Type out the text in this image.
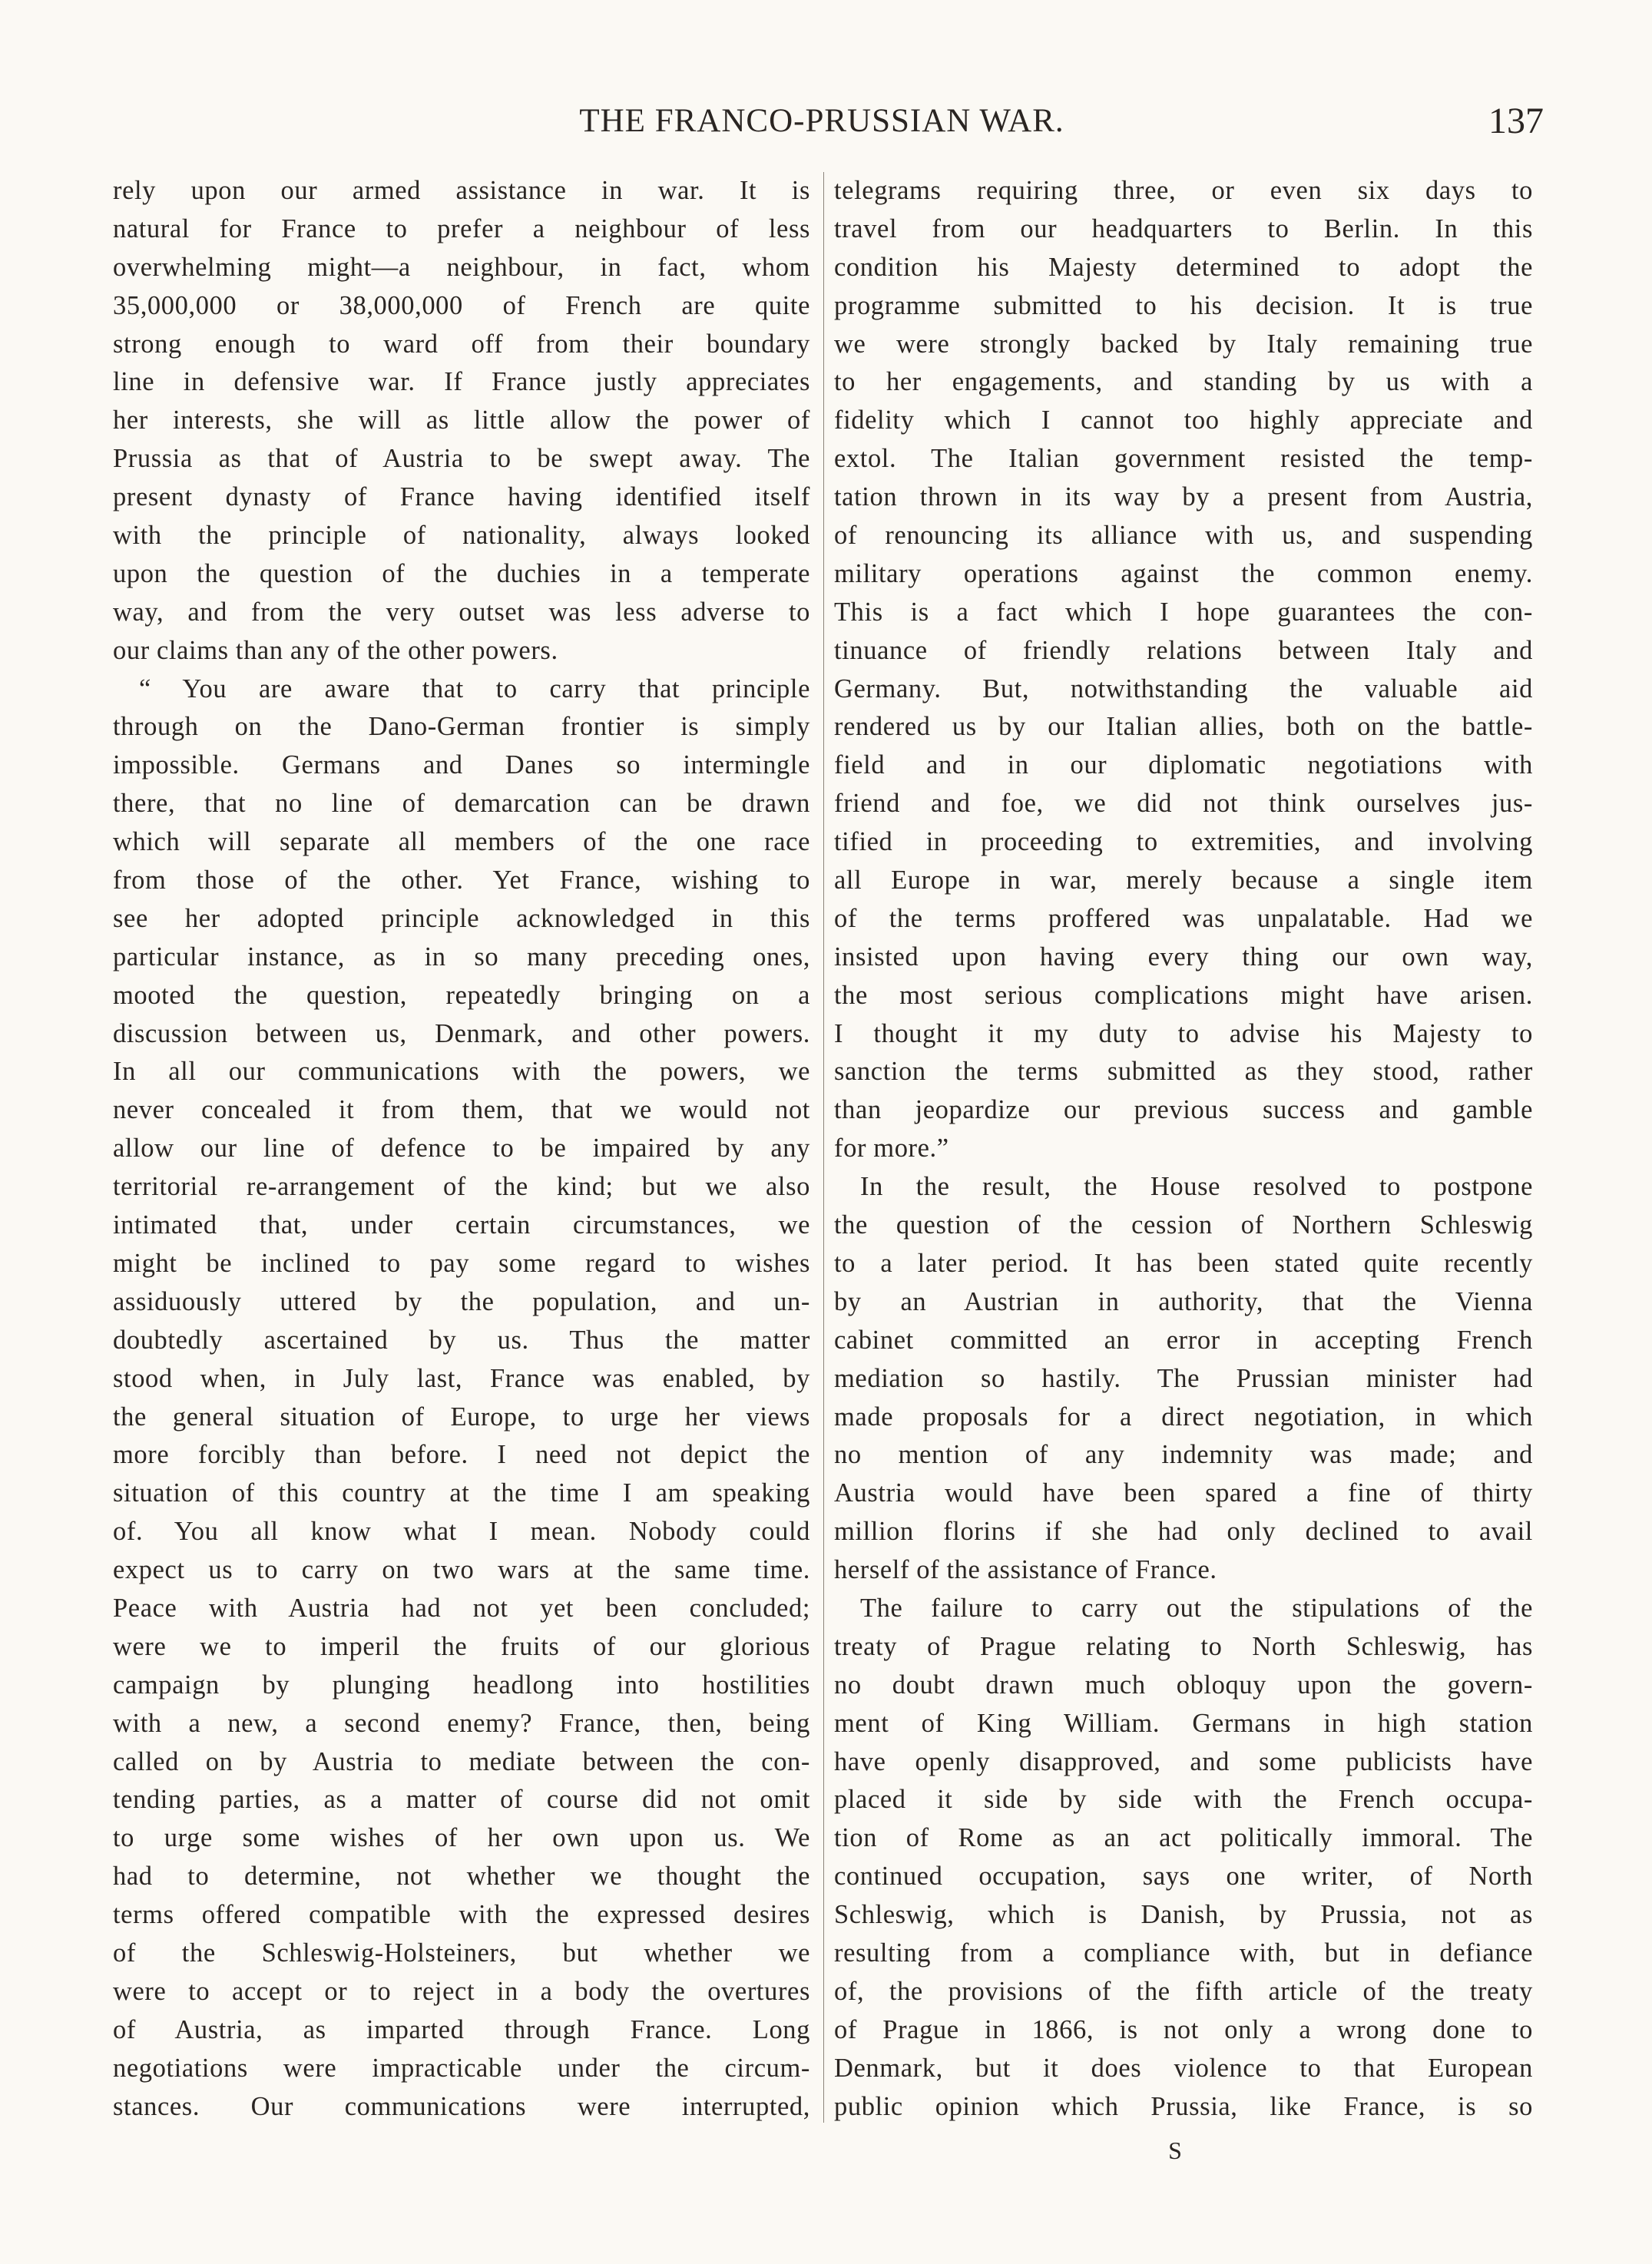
THE FRANCO-PRUSSIAN WAR.	137

rely upon our armed assistance in war. It is
natural for France to prefer a neighbour of less
overwhelming might—a neighbour, in fact, whom
35,000,000 or 38,000,000 of French are quite
strong enough to ward off from their boundary
line in defensive war. If France justly appreciates
her interests, she will as little allow the power of
Prussia as that of Austria to be swept away. The
present dynasty of France having identified itself
with the principle of nationality, always looked
upon the question of the duchies in a temperate
way, and from the very outset was less adverse to
our claims than any of the other powers.

“ You are aware that to carry that principle
through on the Dano-German frontier is simply
impossible. Germans and Danes so intermingle
there, that no line of demarcation can be drawn
which will separate all members of the one race
from those of the other. Yet France, wishing to
see her adopted principle acknowledged in this
particular instance, as in so many preceding ones,
mooted the question, repeatedly bringing on a
discussion between us, Denmark, and other powers.
In all our communications with the powers, we
never concealed it from them, that we would not
allow our line of defence to be impaired by any
territorial re-arrangement of the kind; but we also
intimated that, under certain circumstances, we
might be inclined to pay some regard to wishes
assiduously uttered by the population, and un-
doubtedly ascertained by us. Thus the matter
stood when, in July last, France was enabled, by
the general situation of Europe, to urge her views
more forcibly than before. I need not depict the
situation of this country at the time I am speaking
of. You all know what I mean. Nobody could
expect us to carry on two wars at the same time.
Peace with Austria had not yet been concluded;
were we to imperil the fruits of our glorious
campaign by plunging headlong into hostilities
with a new, a second enemy? France, then, being
called on by Austria to mediate between the con-
tending parties, as a matter of course did not omit
to urge some wishes of her own upon us. We
had to determine, not whether we thought the
terms offered compatible with the expressed desires
of the Schleswig-Holsteiners, but whether we
were to accept or to reject in a body the overtures
of Austria, as imparted through France. Long
negotiations were impracticable under the circum-
stances. Our communications were interrupted,

telegrams requiring three, or even six days to
travel from our headquarters to Berlin. In this
condition his Majesty determined to adopt the
programme submitted to his decision. It is true
we were strongly backed by Italy remaining true
to her engagements, and standing by us with a
fidelity which I cannot too highly appreciate and
extol. The Italian government resisted the temp-
tation thrown in its way by a present from Austria,
of renouncing its alliance with us, and suspending
military operations against the common enemy.
This is a fact which I hope guarantees the con-
tinuance of friendly relations between Italy and
Germany. But, notwithstanding the valuable aid
rendered us by our Italian allies, both on the battle-
field and in our diplomatic negotiations with
friend and foe, we did not think ourselves jus-
tified in proceeding to extremities, and involving
all Europe in war, merely because a single item
of the terms proffered was unpalatable. Had we
insisted upon having every thing our own way,
the most serious complications might have arisen.
I thought it my duty to advise his Majesty to
sanction the terms submitted as they stood, rather
than jeopardize our previous success and gamble
for more.”

In the result, the House resolved to postpone
the question of the cession of Northern Schleswig
to a later period. It has been stated quite recently
by an Austrian in authority, that the Vienna
cabinet committed an error in accepting French
mediation so hastily. The Prussian minister had
made proposals for a direct negotiation, in which
no mention of any indemnity was made; and
Austria would have been spared a fine of thirty
million florins if she had only declined to avail
herself of the assistance of France.

The failure to carry out the stipulations of the
treaty of Prague relating to North Schleswig, has
no doubt drawn much obloquy upon the govern-
ment of King William. Germans in high station
have openly disapproved, and some publicists have
placed it side by side with the French occupa-
tion of Rome as an act politically immoral. The
continued occupation, says one writer, of North
Schleswig, which is Danish, by Prussia, not as
resulting from a compliance with, but in defiance
of, the provisions of the fifth article of the treaty
of Prague in 1866, is not only a wrong done to
Denmark, but it does violence to that European
public opinion which Prussia, like France, is so

S
